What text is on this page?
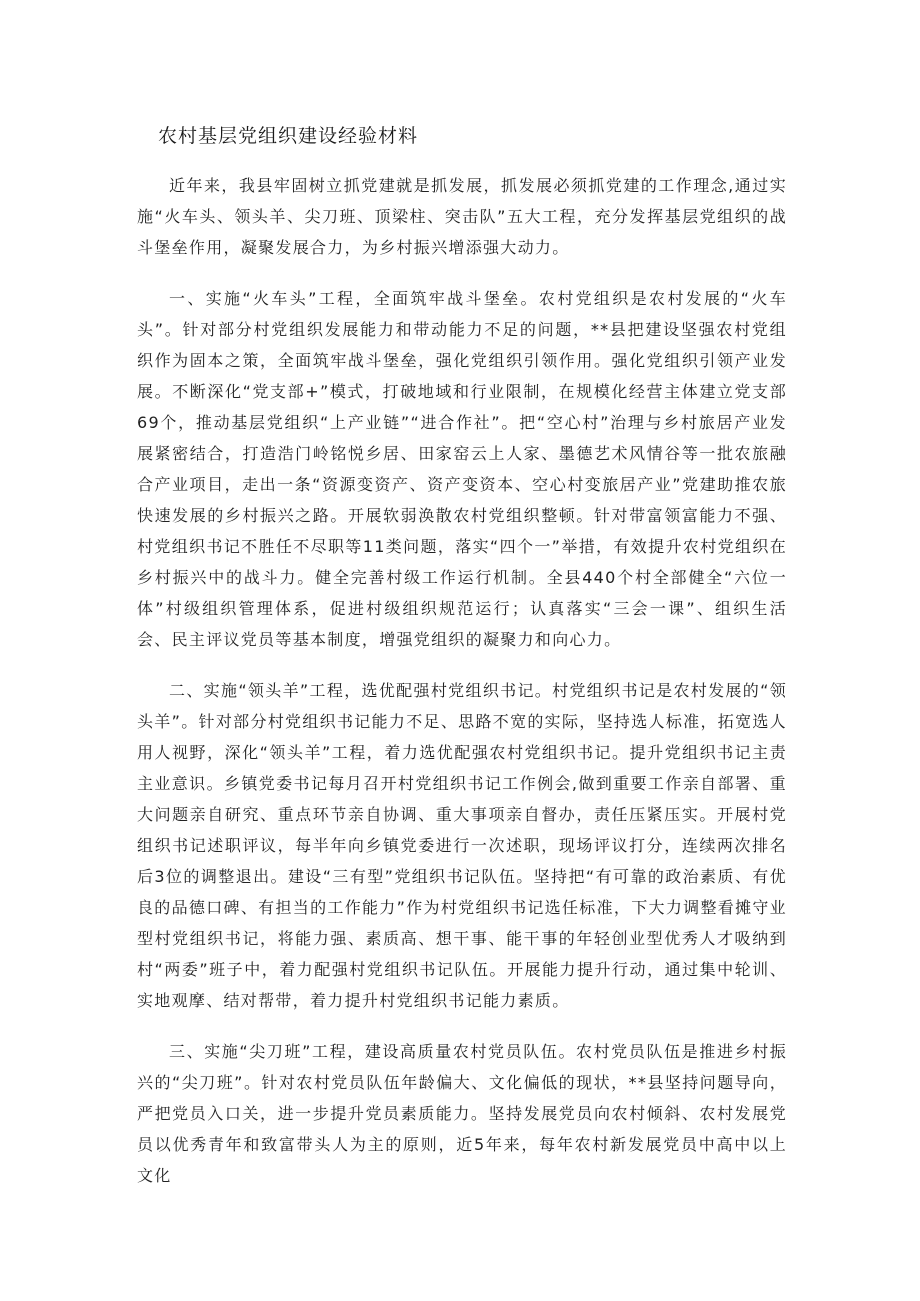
农村基层党组织建设经验材料

近年来，我县牢固树立抓党建就是抓发展，抓发展必须抓党建的工作理念,通过实施“火车头、领头羊、尖刀班、顶梁柱、突击队”五大工程，充分发挥基层党组织的战斗堡垒作用，凝聚发展合力，为乡村振兴增添强大动力。

一、实施“火车头”工程，全面筑牢战斗堡垒。农村党组织是农村发展的“火车头”。针对部分村党组织发展能力和带动能力不足的问题，**县把建设坚强农村党组织作为固本之策，全面筑牢战斗堡垒，强化党组织引领作用。强化党组织引领产业发展。不断深化“党支部+”模式，打破地域和行业限制，在规模化经营主体建立党支部69个，推动基层党组织“上产业链”“进合作社”。把“空心村”治理与乡村旅居产业发展紧密结合，打造浩门岭铭悦乡居、田家窑云上人家、墨德艺术风情谷等一批农旅融合产业项目，走出一条“资源变资产、资产变资本、空心村变旅居产业”党建助推农旅快速发展的乡村振兴之路。开展软弱涣散农村党组织整顿。针对带富领富能力不强、村党组织书记不胜任不尽职等11类问题，落实“四个一”举措，有效提升农村党组织在乡村振兴中的战斗力。健全完善村级工作运行机制。全县440个村全部健全“六位一体”村级组织管理体系，促进村级组织规范运行；认真落实“三会一课”、组织生活会、民主评议党员等基本制度，增强党组织的凝聚力和向心力。

二、实施“领头羊”工程，选优配强村党组织书记。村党组织书记是农村发展的“领头羊”。针对部分村党组织书记能力不足、思路不宽的实际，坚持选人标准，拓宽选人用人视野，深化“领头羊”工程，着力选优配强农村党组织书记。提升党组织书记主责主业意识。乡镇党委书记每月召开村党组织书记工作例会,做到重要工作亲自部署、重大问题亲自研究、重点环节亲自协调、重大事项亲自督办，责任压紧压实。开展村党组织书记述职评议，每半年向乡镇党委进行一次述职，现场评议打分，连续两次排名后3位的调整退出。建设“三有型”党组织书记队伍。坚持把“有可靠的政治素质、有优良的品德口碑、有担当的工作能力”作为村党组织书记选任标准，下大力调整看摊守业型村党组织书记，将能力强、素质高、想干事、能干事的年轻创业型优秀人才吸纳到村“两委”班子中，着力配强村党组织书记队伍。开展能力提升行动，通过集中轮训、实地观摩、结对帮带，着力提升村党组织书记能力素质。

三、实施“尖刀班”工程，建设高质量农村党员队伍。农村党员队伍是推进乡村振兴的“尖刀班”。针对农村党员队伍年龄偏大、文化偏低的现状，**县坚持问题导向，严把党员入口关，进一步提升党员素质能力。坚持发展党员向农村倾斜、农村发展党员以优秀青年和致富带头人为主的原则，近5年来，每年农村新发展党员中高中以上文化
